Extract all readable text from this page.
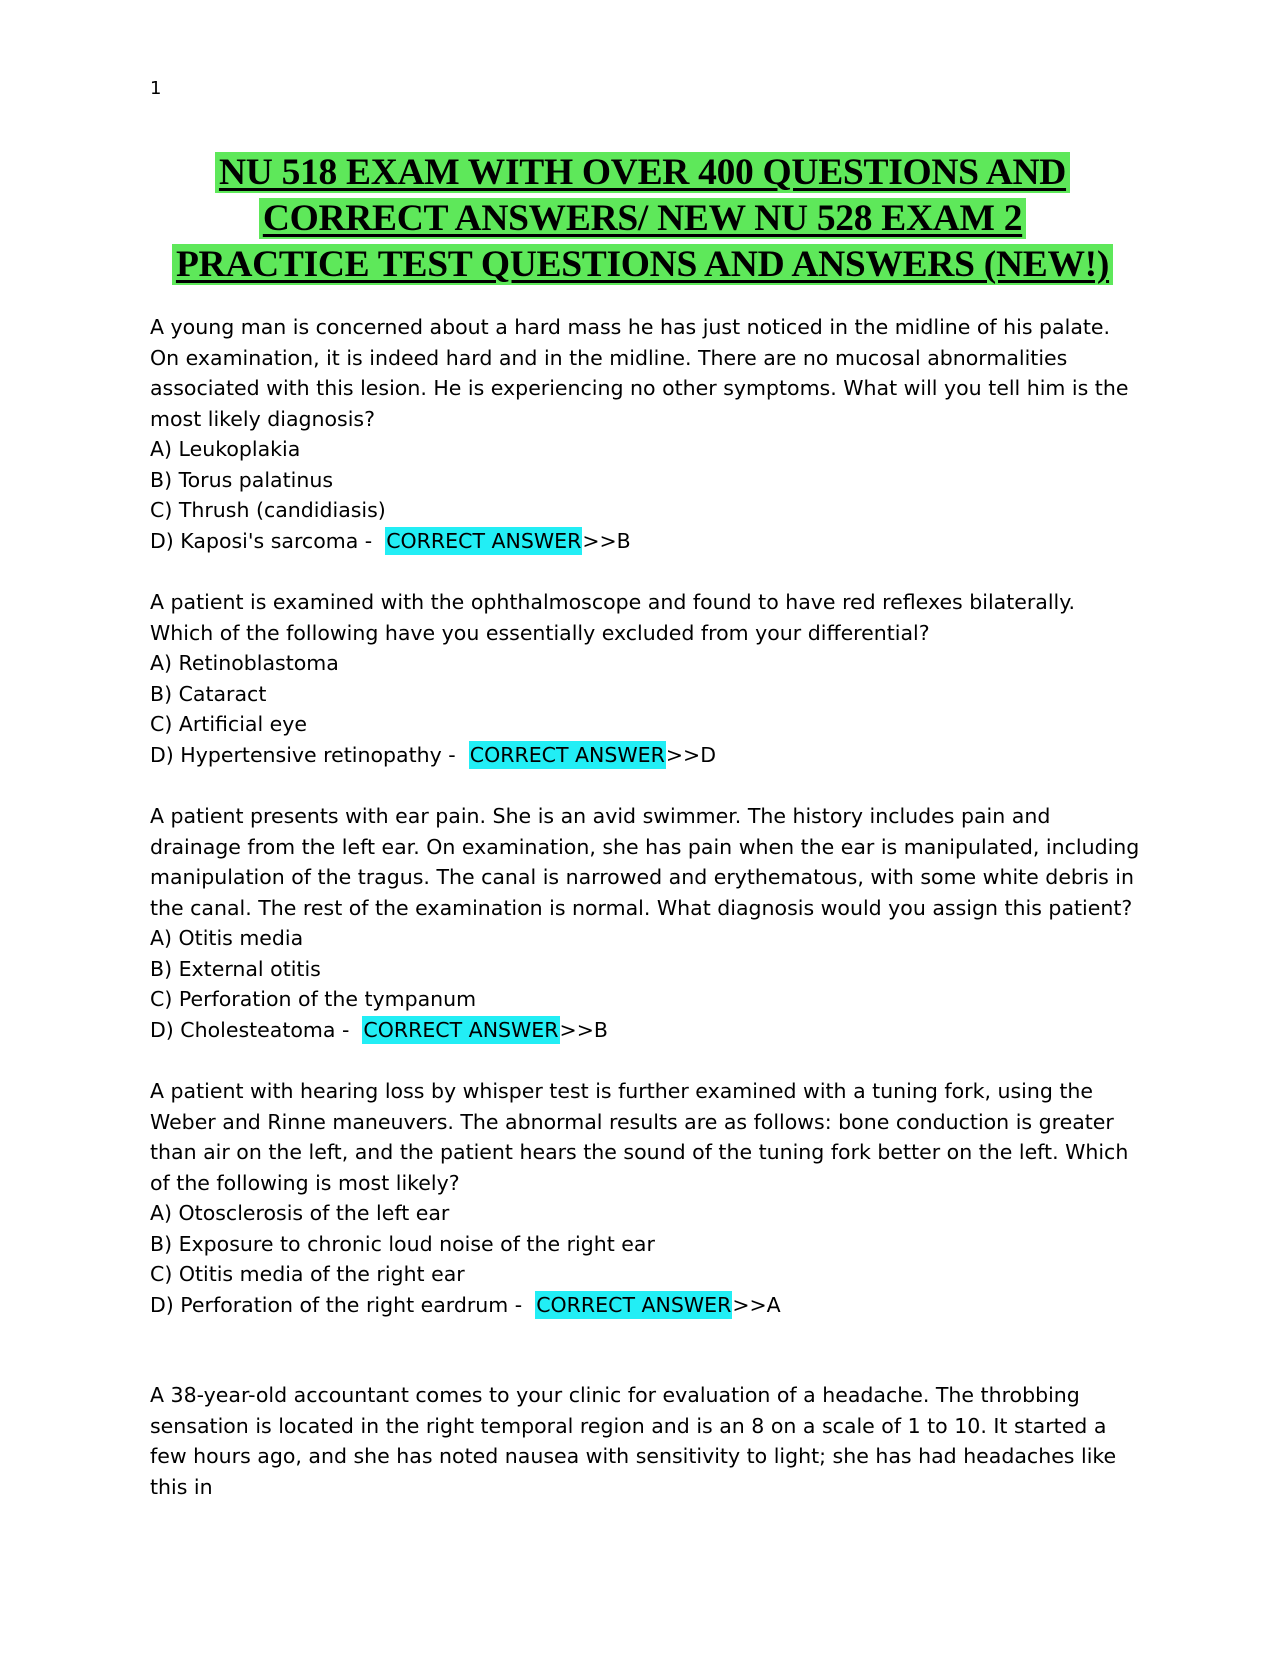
1
NU 518 EXAM WITH OVER 400 QUESTIONS AND
CORRECT ANSWERS/ NEW NU 528 EXAM 2
PRACTICE TEST QUESTIONS AND ANSWERS (NEW!)

A young man is concerned about a hard mass he has just noticed in the midline of his palate. On examination, it is indeed hard and in the midline. There are no mucosal abnormalities associated with this lesion. He is experiencing no other symptoms. What will you tell him is the most likely diagnosis?

A) Leukoplakia

B) Torus palatinus

C) Thrush (candidiasis)

D) Kaposi's sarcoma - CORRECT ANSWER>>B

A patient is examined with the ophthalmoscope and found to have red reflexes bilaterally. Which of the following have you essentially excluded from your differential?

A) Retinoblastoma

B) Cataract

C) Artificial eye

D) Hypertensive retinopathy - CORRECT ANSWER>>D

A patient presents with ear pain. She is an avid swimmer. The history includes pain and drainage from the left ear. On examination, she has pain when the ear is manipulated, including manipulation of the tragus. The canal is narrowed and erythematous, with some white debris in the canal. The rest of the examination is normal. What diagnosis would you assign this patient?

A) Otitis media

B) External otitis

C) Perforation of the tympanum

D) Cholesteatoma - CORRECT ANSWER>>B

A patient with hearing loss by whisper test is further examined with a tuning fork, using the Weber and Rinne maneuvers. The abnormal results are as follows: bone conduction is greater than air on the left, and the patient hears the sound of the tuning fork better on the left. Which of the following is most likely?

A) Otosclerosis of the left ear

B) Exposure to chronic loud noise of the right ear

C) Otitis media of the right ear

D) Perforation of the right eardrum - CORRECT ANSWER>>A

A 38-year-old accountant comes to your clinic for evaluation of a headache. The throbbing sensation is located in the right temporal region and is an 8 on a scale of 1 to 10. It started a few hours ago, and she has noted nausea with sensitivity to light; she has had headaches like this in
